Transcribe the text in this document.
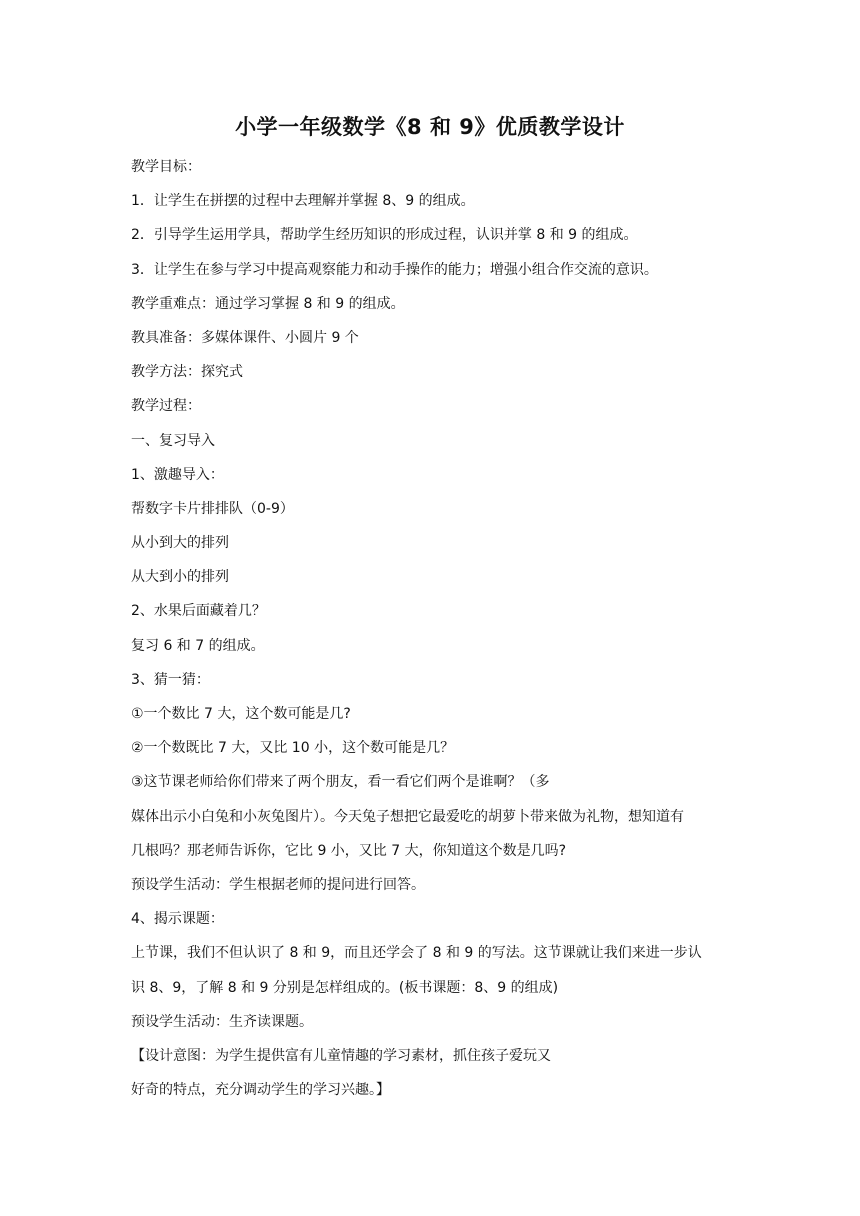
小学一年级数学《8 和 9》优质教学设计

教学目标：

1．让学生在拼摆的过程中去理解并掌握 8、9 的组成。

2．引导学生运用学具，帮助学生经历知识的形成过程，认识并掌 8 和 9 的组成。

3．让学生在参与学习中提高观察能力和动手操作的能力；增强小组合作交流的意识。

教学重难点：通过学习掌握 8 和 9 的组成。

教具准备：多媒体课件、小圆片 9 个

教学方法：探究式

教学过程：

一、复习导入

1、激趣导入：

帮数字卡片排排队（0-9）

从小到大的排列

从大到小的排列

2、水果后面藏着几？

复习 6 和 7 的组成。

3、猜一猜：

①一个数比 7 大，这个数可能是几?

②一个数既比 7 大，又比 10 小，这个数可能是几？

③这节课老师给你们带来了两个朋友，看一看它们两个是谁啊？（多

媒体出示小白兔和小灰兔图片）。今天兔子想把它最爱吃的胡萝卜带来做为礼物，想知道有

几根吗？那老师告诉你，它比 9 小，又比 7 大，你知道这个数是几吗?

预设学生活动：学生根据老师的提问进行回答。

4、揭示课题：

上节课，我们不但认识了 8 和 9，而且还学会了 8 和 9 的写法。这节课就让我们来进一步认

识 8、9，了解 8 和 9 分别是怎样组成的。(板书课题：8、9 的组成)

预设学生活动：生齐读课题。

【设计意图：为学生提供富有儿童情趣的学习素材，抓住孩子爱玩又

好奇的特点，充分调动学生的学习兴趣。】
